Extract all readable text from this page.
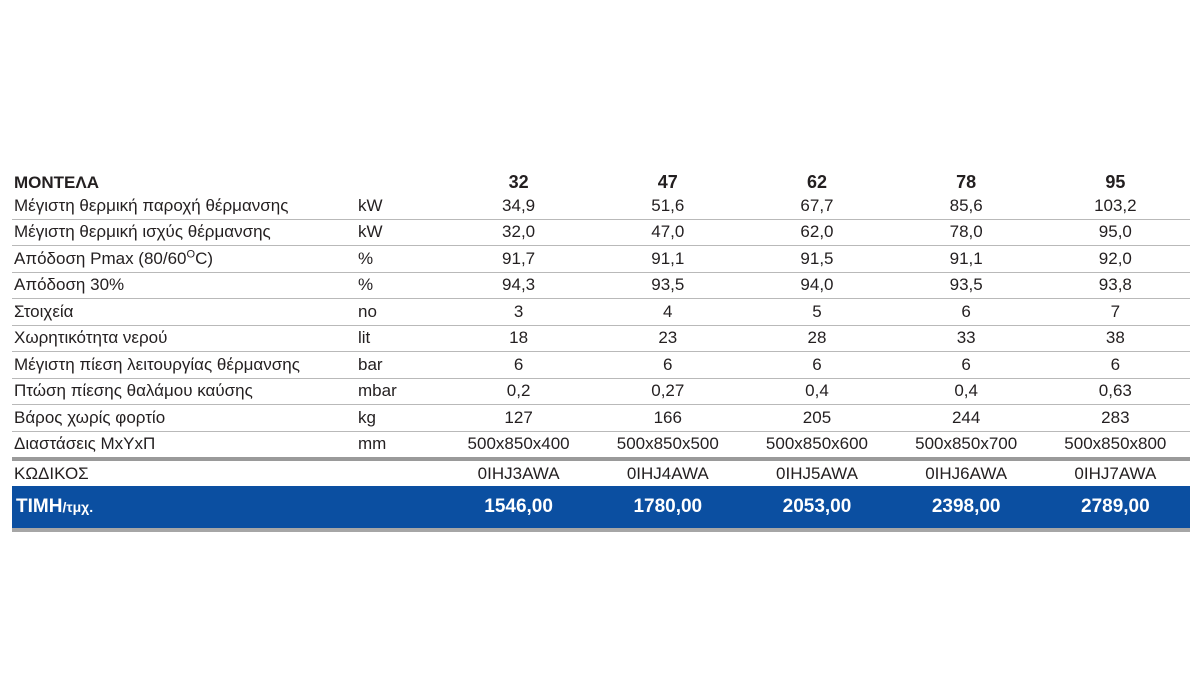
ΜΟΝΤΕΛΑ		32	47	62	78	95
Μέγιστη θερμική παροχή θέρμανσης	kW	34,9	51,6	67,7	85,6	103,2
Μέγιστη θερμική ισχύς θέρμανσης	kW	32,0	47,0	62,0	78,0	95,0
Απόδοση Pmax $(80/60^OC)$	%	91,7	91,1	91,5	91,1	92,0
Απόδοση 30%	%	94,3	93,5	94,0	93,5	93,8
Στοιχεία	no	3	4	5	6	7
Χωρητικότητα νερού	lit	18	23	28	33	38
Μέγιστη πίεση λειτουργίας θέρμανσης	bar	6	6	6	6	6
Πτώση πίεσης θαλάμου καύσης	mbar	0,2	0,27	0,4	0,4	0,63
Βάρος χωρίς φορτίο	kg	127	166	205	244	283
Διαστάσεις ΜxΥxΠ	mm	500x850x400	500x850x500	500x850x600	500x850x700	500x850x800
ΚΩΔΙΚΟΣ		0IHJ3AWA	0IHJ4AWA	0IHJ5AWA	0IHJ6AWA	0IHJ7AWA
ΤΙΜΗ/τμχ.		1546,00	1780,00	2053,00	2398,00	2789,00
